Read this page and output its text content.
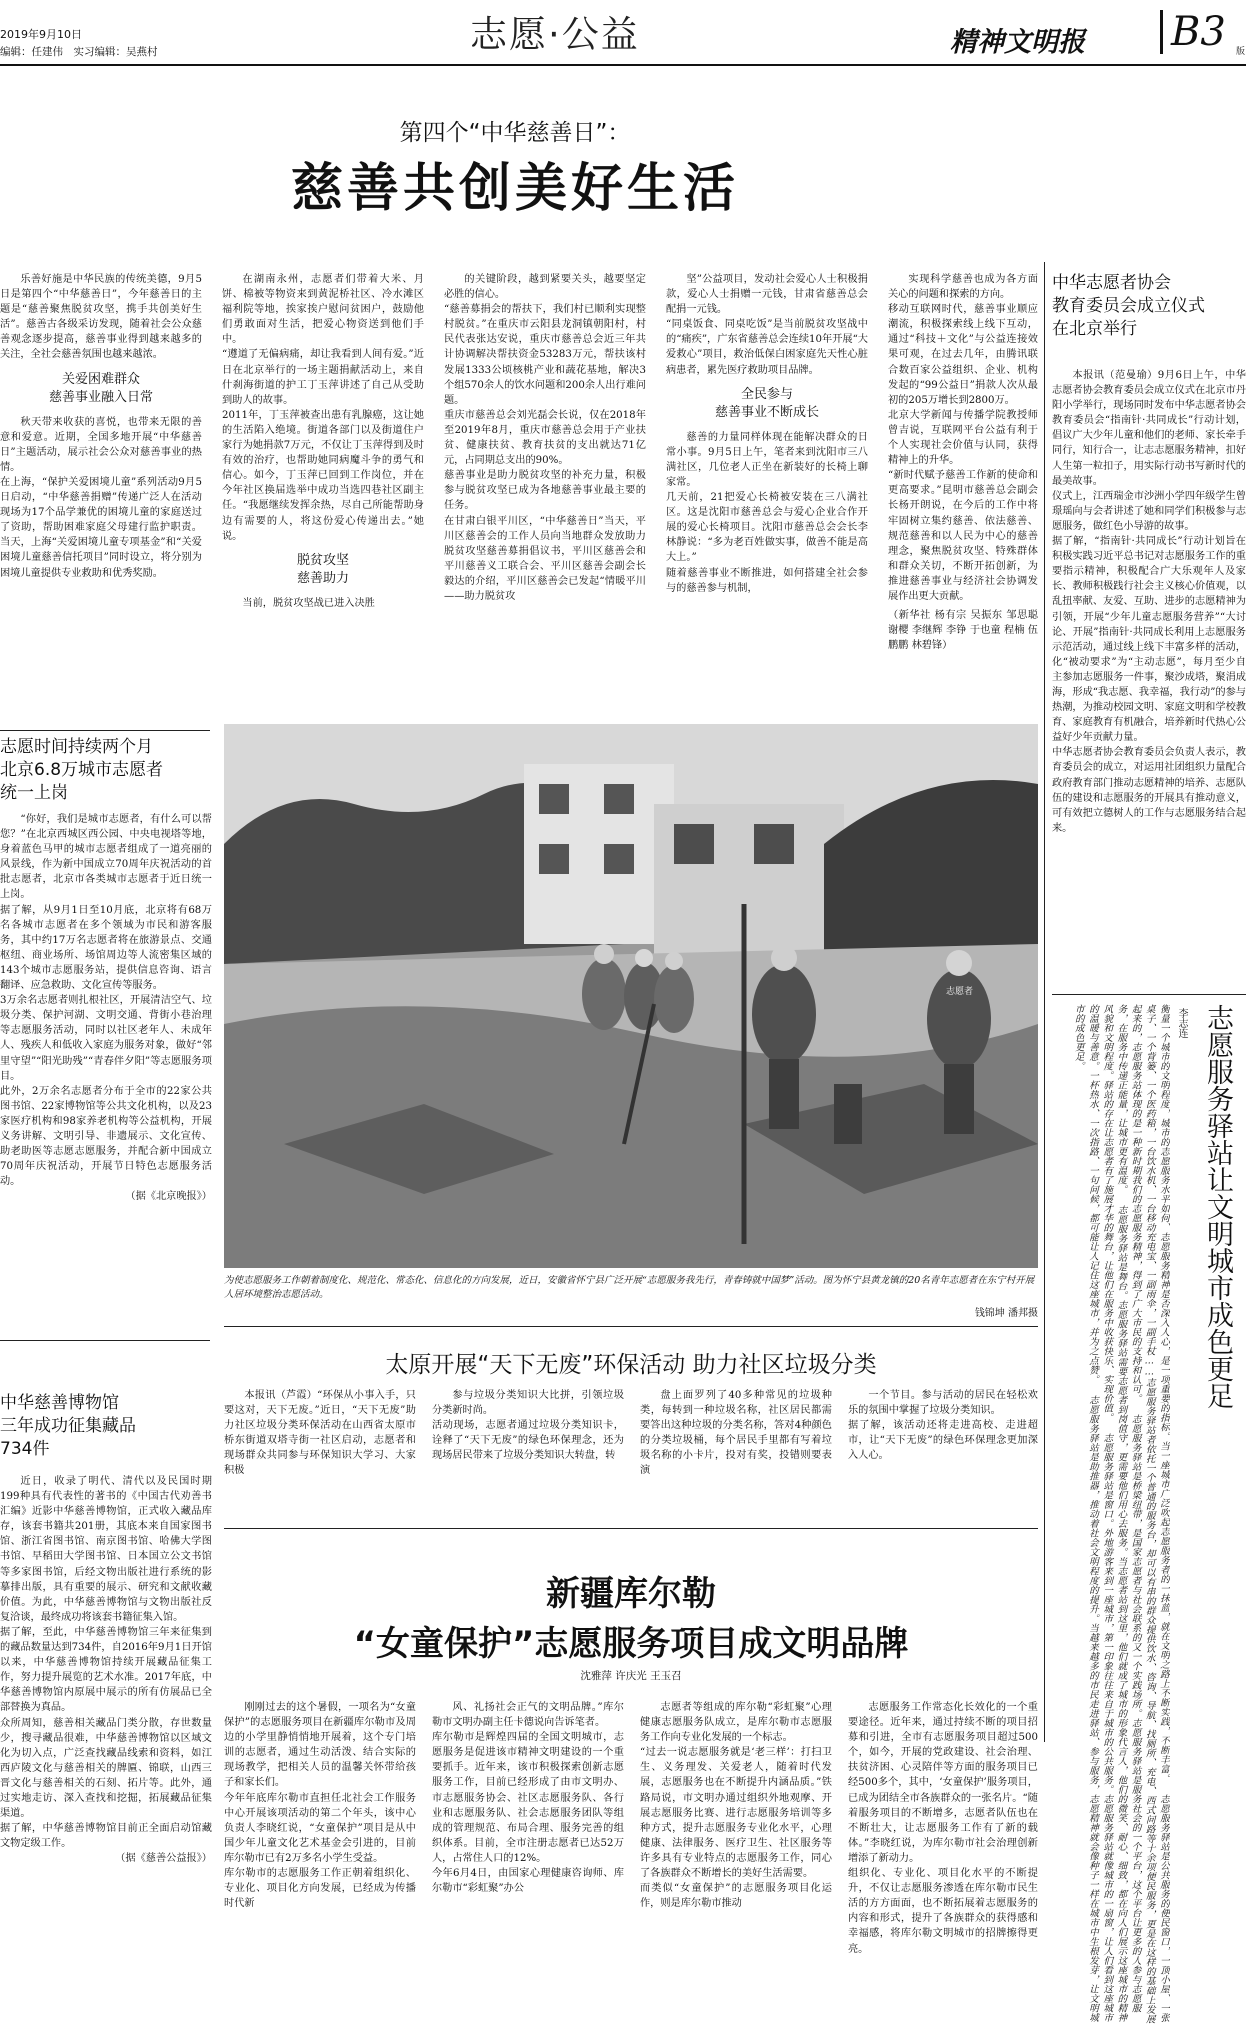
2019年9月10日
编辑：任建伟　实习编辑：吴燕村	志愿·公益	精神文明报 B3 版
第四个“中华慈善日”：
慈善共创美好生活

乐善好施是中华民族的传统美德，9月5日是第四个“中华慈善日”，今年慈善日的主题是“慈善聚焦脱贫攻坚，携手共创美好生活”。慈善古各级采访发现，随着社会公众慈善观念逐步提高，慈善事业得到越来越多的关注，全社会慈善氛围也越来越浓。

关爱困难群众
慈善事业融入日常

秋天带来收获的喜悦，也带来无限的善意和爱意。近期，全国多地开展“中华慈善日”主题活动，展示社会公众对慈善事业的热情。
在上海，“保护关爱困境儿童”系列活动9月5日启动，“中华慈善捐赠”传递广泛人在活动现场为17个品学兼优的困境儿童的家庭送过了资助，帮助困难家庭父母建行监护职责。当天，上海“关爱困境儿童专项基金”和“关爱困境儿童慈善信托项目”同时设立，将分别为困境儿童提供专业救助和优秀奖励。

在湖南永州，志愿者们带着大米、月饼、棉被等物资来到黄泥桥社区、冷水滩区福利院等地，挨家挨户慰问贫困户，鼓励他们勇敢面对生活，把爱心物资送到他们手中。
“遵道了无偏病痛，却让我看到人间有爱。”近日在北京举行的一场主题捐献活动上，来自什刹海街道的护工丁玉萍讲述了自己从受助到助人的故事。
2011年，丁玉萍被查出患有乳腺癌，这让她的生活陷入绝境。街道各部门以及街道住户家行为她捐款7万元，不仅让丁玉萍得到及时有效的治疗，也帮助她同病魔斗争的勇气和信心。如今，丁玉萍已回到工作岗位，并在今年社区换届选举中成功当选四巷社区副主任。“我愿继续发挥余热，尽自己所能帮助身边有需要的人，将这份爱心传递出去。”她说。

脱贫攻坚
慈善助力

当前，脱贫攻坚战已进入决胜

的关键阶段，越到紧要关头，越要坚定必胜的信心。
“慈善募捐会的帮扶下，我们村已顺利实现整村脱贫。”在重庆市云阳县龙洞镇朝阳村，村民代表张达安说，重庆市慈善总会近三年共计协调解决帮扶资金53283万元，帮扶该村发展1333公顷核桃产业和蔬花基地，解决3个组570余人的饮水问题和200余人出行难问题。
重庆市慈善总会刘光磊会长说，仅在2018年至2019年8月，重庆市慈善总会用于产业扶贫、健康扶贫、教育扶贫的支出就达71亿元，占同期总支出的90%。
慈善事业是助力脱贫攻坚的补充力量，积极参与脱贫攻坚已成为各地慈善事业最主要的任务。
在甘肃白银平川区，“中华慈善日”当天，平川区慈善会的工作人员向当地群众发放助力脱贫攻坚慈善募捐倡议书，平川区慈善会和平川慈善义工联合会、平川区慈善会副会长毅达的介绍，平川区慈善会已发起“情暖平川——助力脱贫攻

坚”公益项目，发动社会爱心人士积极捐款，爱心人士捐赠一元钱，甘肃省慈善总会配捐一元钱。
“同桌饭食、同桌吃饭”是当前脱贫攻坚战中的“痛疾”，广东省慈善总会连续10年开展“大爱救心”项目，救治低保白困家庭先天性心脏病患者，累先医疗救助项目品牌。

全民参与
慈善事业不断成长

慈善的力量同样体现在能解决群众的日常小事。9月5日上午，笔者来到沈阳市三八满社区，几位老人正坐在新装好的长椅上聊家常。
几天前，21把爱心长椅被安装在三八满社区。这是沈阳市慈善总会与爱心企业合作开展的爱心长椅项目。沈阳市慈善总会会长李林静说：“多为老百姓做实事，做善不能是高大上。”
随着慈善事业不断推进，如何搭建全社会参与的慈善参与机制，

实现科学慈善也成为各方面关心的问题和探索的方向。
移动互联网时代，慈善事业顺应潮流，积极探索线上线下互动，通过“科技＋文化”与公益连接效果可观，在过去几年，由腾讯联合数百家公益组织、企业、机构发起的“99公益日”捐款人次从最初的205万增长到2800万。
北京大学新闻与传播学院教授师曾吉说，互联网平台公益有利于个人实现社会价值与认同，获得精神上的升华。
“新时代赋予慈善工作新的使命和更高要求。”昆明市慈善总会副会长杨开朗说，在今后的工作中将牢固树立集约慈善、依法慈善、规范慈善和以人民为中心的慈善理念，聚焦脱贫攻坚、特殊群体和群众关切，不断开拓创新，为推进慈善事业与经济社会协调发展作出更大贡献。

（新华社 杨有宗 吴振东 邹思聪 谢樱 李继辉 李铮 于也童 程楠 伍鹏鹏 林碧锋）

中华志愿者协会
教育委员会成立仪式
在北京举行

本报讯（范曼瑜）9月6日上午，中华志愿者协会教育委员会成立仪式在北京市丹阳小学举行，现场同时发布中华志愿者协会教育委员会“指南针·共同成长”行动计划，倡议广大少年儿童和他们的老师、家长牵手同行，知行合一，让志志愿服务精神，扣好人生第一粒扣子，用实际行动书写新时代的最美故事。
仪式上，江西瑞金市沙洲小学四年级学生曾璟瑶向与会者讲述了她和同学们积极参与志愿服务，做红色小导游的故事。
据了解，“指南针·共同成长”行动计划旨在积极实践习近平总书记对志愿服务工作的重要指示精神，积极配合广大乐观年人及家长、教师积极践行社会主义核心价值观，以乱扭率献、友爱、互助、进步的志愿精神为引领，开展“少年儿童志愿服务营养”“大讨论、开展”指南针·共同成长利用上志愿服务示范活动，通过线上线下丰富多样的活动，化“被动要求”为“主动志愿”，每月至少自主参加志愿服务一件事，聚沙成塔，聚涓成海，形成“我志愿、我幸福，我行动”的参与热潮，为推动校园文明、家庭文明和学校教育、家庭教育有机融合，培养新时代热心公益好少年贡献力量。
中华志愿者协会教育委员会负责人表示，教育委员会的成立，对运用社团组织力量配合政府教育部门推动志愿精神的培养、志愿队伍的建设和志愿服务的开展具有推动意义，可有效把立德树人的工作与志愿服务结合起来。

志愿时间持续两个月
北京6.8万城市志愿者
统一上岗

“你好，我们是城市志愿者，有什么可以帮您？”在北京西城区西公园、中央电视塔等地，身着蓝色马甲的城市志愿者组成了一道亮丽的风景线，作为新中国成立70周年庆祝活动的首批志愿者，北京市各类城市志愿者于近日统一上岗。
据了解，从9月1日至10月底，北京将有68万名各城市志愿者在多个领域为市民和游客服务，其中约17万名志愿者将在旅游景点、交通枢纽、商业场所、场馆周边等人流密集区域的143个城市志愿服务站，提供信息咨询、语言翻译、应急救助、文化宣传等服务。
3万余名志愿者则扎根社区，开展清洁空气、垃圾分类、保护河湖、文明交通、背街小巷治理等志愿服务活动，同时以社区老年人、未成年人、残疾人和低收入家庭为服务对象，做好“邻里守望”“阳光助残”“青春伴夕阳”等志愿服务项目。
此外，2万余名志愿者分布于全市的22家公共图书馆、22家博物馆等公共文化机构，以及23家医疗机构和98家养老机构等公益机构，开展义务讲解、文明引导、非遗展示、文化宣传、助老助医等志愿志愿服务，并配合新中国成立70周年庆祝活动，开展节日特色志愿服务活动。

（据《北京晚报》）

志愿者
为使志愿服务工作朝着制度化、规范化、常态化、信息化的方向发展，近日，安徽省怀宁县广泛开展“志愿服务我先行，青春铸就中国梦”活动。图为怀宁县黄龙镇的20名青年志愿者在东宁村开展人居环境整治志愿活动。
钱锦坤 潘邦摄
太原开展“天下无废”环保活动 助力社区垃圾分类

本报讯（芦霞）“环保从小事入手，只要这对，天下无废。”近日，“天下无废”助力社区垃圾分类环保活动在山西省太原市桥东街道双塔寺街一社区启动，志愿者和现场群众共同参与环保知识大学习、大家积极

参与垃圾分类知识大比拼，引领垃圾分类新时尚。
活动现场，志愿者通过垃圾分类知识卡，诠释了“天下无废”的绿色环保理念，还为现场居民带来了垃圾分类知识大转盘，转

盘上面罗列了40多种常见的垃圾种类，每转到一种垃圾名称，社区居民都需要答出这种垃圾的分类名称，答对4种颜色的分类垃圾桶，每个居民手里都有写着垃圾名称的小卡片，投对有奖，投错则要表演

一个节目。参与活动的居民在轻松欢乐的氛围中掌握了垃圾分类知识。
据了解，该活动还将走进高校、走进超市，让“天下无废”的绿色环保理念更加深入人心。

中华慈善博物馆
三年成功征集藏品
734件

近日，收录了明代、清代以及民国时期199种具有代表性的著书的《中国古代劝善书汇编》近影中华慈善博物馆，正式收入藏品库存，该套书籍共201册，其底本来自国家图书馆、浙江省图书馆、南京图书馆、哈佛大学图书馆、早稻田大学图书馆、日本国立公文书馆等多家图书馆，后经文物出版社进行系统的影摹排出版，具有重要的展示、研究和文献收藏价值。为此，中华慈善博物馆与文物出版社反复洽谈，最终成功将该套书籍征集入馆。
据了解，至此，中华慈善博物馆三年来征集到的藏品数量达到734件，自2016年9月1日开馆以来，中华慈善博物馆持续开展藏品征集工作，努力提升展览的艺术水准。2017年底，中华慈善博物馆内原展中展示的所有仿展品已全部替换为真品。
众所周知，慈善相关藏品门类分散，存世数量少，搜寻藏品很难，中华慈善博物馆以区域文化为切入点，广泛查找藏品线索和资料，如江西庐陵文化与慈善相关的牌匾、锦联，山西三晋文化与慈善相关的石刻、拓片等。此外，通过实地走访、深入查找和挖掘，拓展藏品征集渠道。
据了解，中华慈善博物馆目前正全面启动馆藏文物定级工作。

（据《慈善公益报》）

新疆库尔勒
“女童保护”志愿服务项目成文明品牌
沈雅萍 许庆光 王玉召

刚刚过去的这个暑假，一项名为“女童保护”的志愿服务项目在新疆库尔勒市及周边的小学里静悄悄地开展着，这个专门培训的志愿者，通过生动活泼、结合实际的现场教学，把相关人员的温馨关怀带给孩子和家长们。
今年年底库尔勒市直担任北社会工作服务中心开展该项活动的第二个年头，该中心负责人李晓红说，“女童保护”项目是从中国少年儿童文化艺术基金会引进的，目前库尔勒市已有2万多名小学生受益。
库尔勒市的志愿服务工作正朝着组织化、专业化、项目化方向发展，已经成为传播时代新

风、礼扬社会正气的文明品牌。”库尔勒市文明办副主任卡德说向告诉笔者。
库尔勒市是辉煌四届的全国文明城市，志愿服务是促进该市精神文明建设的一个重要抓手。近年来，该市积极探索创新志愿服务工作，目前已经形成了由市文明办、市志愿服务协会、社区志愿服务队、各行业和志愿服务队、社会志愿服务团队等组成的管理规范、布局合理、服务完善的组织体系。目前，全市注册志愿者已达52万人，占常住人口的12%。
今年6月4日，由国家心理健康咨询师、库尔勒市“彩虹聚”办公

志愿者等组成的库尔勒“彩虹聚”心理健康志愿服务队成立，是库尔勒市志愿服务工作向专业化发展的一个标志。
“过去一说志愿服务就是‘老三样’：打扫卫生、义务理发、关爱老人，随着时代发展，志愿服务也在不断提升内涵品质。”铁路局说，市文明办通过组织外地观摩、开展志愿服务比赛、进行志愿服务培训等多种方式，提升志愿服务专业化水平，心理健康、法律服务、医疗卫生、社区服务等许多具有专业特点的志愿服务工作，同心了各族群众不断增长的美好生活需要。
而类似“女童保护”的志愿服务项目化运作，则是库尔勒市推动

志愿服务工作常态化长效化的一个重要途径。近年来，通过持续不断的项目招募和引进，全市有志愿服务项目超过500个，如今，开展的党政建设、社会治理、扶贫济困、心灵陪伴等方面的服务项目已经500多个，其中，‘女童保护’服务项目，已成为团结全市各族群众的一张名片。“随着服务项目的不断增多，志愿者队伍也在不断壮大，让志愿服务工作有了新的载体。”李晓红说，为库尔勒市社会治理创新增添了新动力。
组织化、专业化、项目化水平的不断提升，不仅让志愿服务渗透在库尔勒市民生活的方方面面，也不断拓展着志愿服务的内容和形式，提升了各族群众的获得感和幸福感，将库尔勒文明城市的招牌擦得更亮。

志愿服务驿站让文明城市成色更足
李志连
衡量一个城市的文明程度，城市的志愿服务水平如何、志愿服务精神是否深入人心，是一项重要的指标。当一座城市广泛吹起志愿服务者的一抹蓝，就在文明之路上不断实践，不断丰富。 志愿服务驿站是公共服务的便民窗口，一顶小屋、一张桌子、一个背篓、一个医药箱，一台饮水机、一台移动充电宝、一副雨伞，一副手杖……志愿服务驿站者依托一个普通的服务台，却可以有串的群众提供饮水、咨询、导航、找厕所、充电、西式问路等十余项便民服务，更是在这样的基础上发展起来的，志愿服务站体现的是一种新时期我们的志愿服务精神，得到了广大市民的支持和认可。 志愿服务驿站是桥梁纽带，是国家志愿者与社会联系的又一个实践场所。志愿服务驿站是服务社会的一个平台，这个平台让更多的人参与志愿服务，在服务中传递正能量，让城市更有温度。 志愿服务驿站是舞台。志愿服务驿站需要志愿者到岗值守，更需要他们用心去服务。当志愿者站到这里，他们就成了城市的形象代言人，他们的微笑、耐心、细致，都在向人们展示这座城市的精神风貌和文明程度。驿站的存在让志愿者有了施展才华的舞台，让他们在服务中收获快乐、实现价值。 志愿服务驿站是窗口。外地游客来到一座城市，第一印象往往来自于城市的公共服务。志愿服务驿站就像城市的一扇窗，让人们看到这座城市的温暖与善意。一杯热水、一次指路、一句问候，都可能让人记住这座城市，并为之点赞。 志愿服务驿站是助推器，推动着社会文明程度的提升。当越来越多的市民走进驿站、参与服务，志愿精神就会像种子一样在城市中生根发芽，让文明城市的成色更足。
